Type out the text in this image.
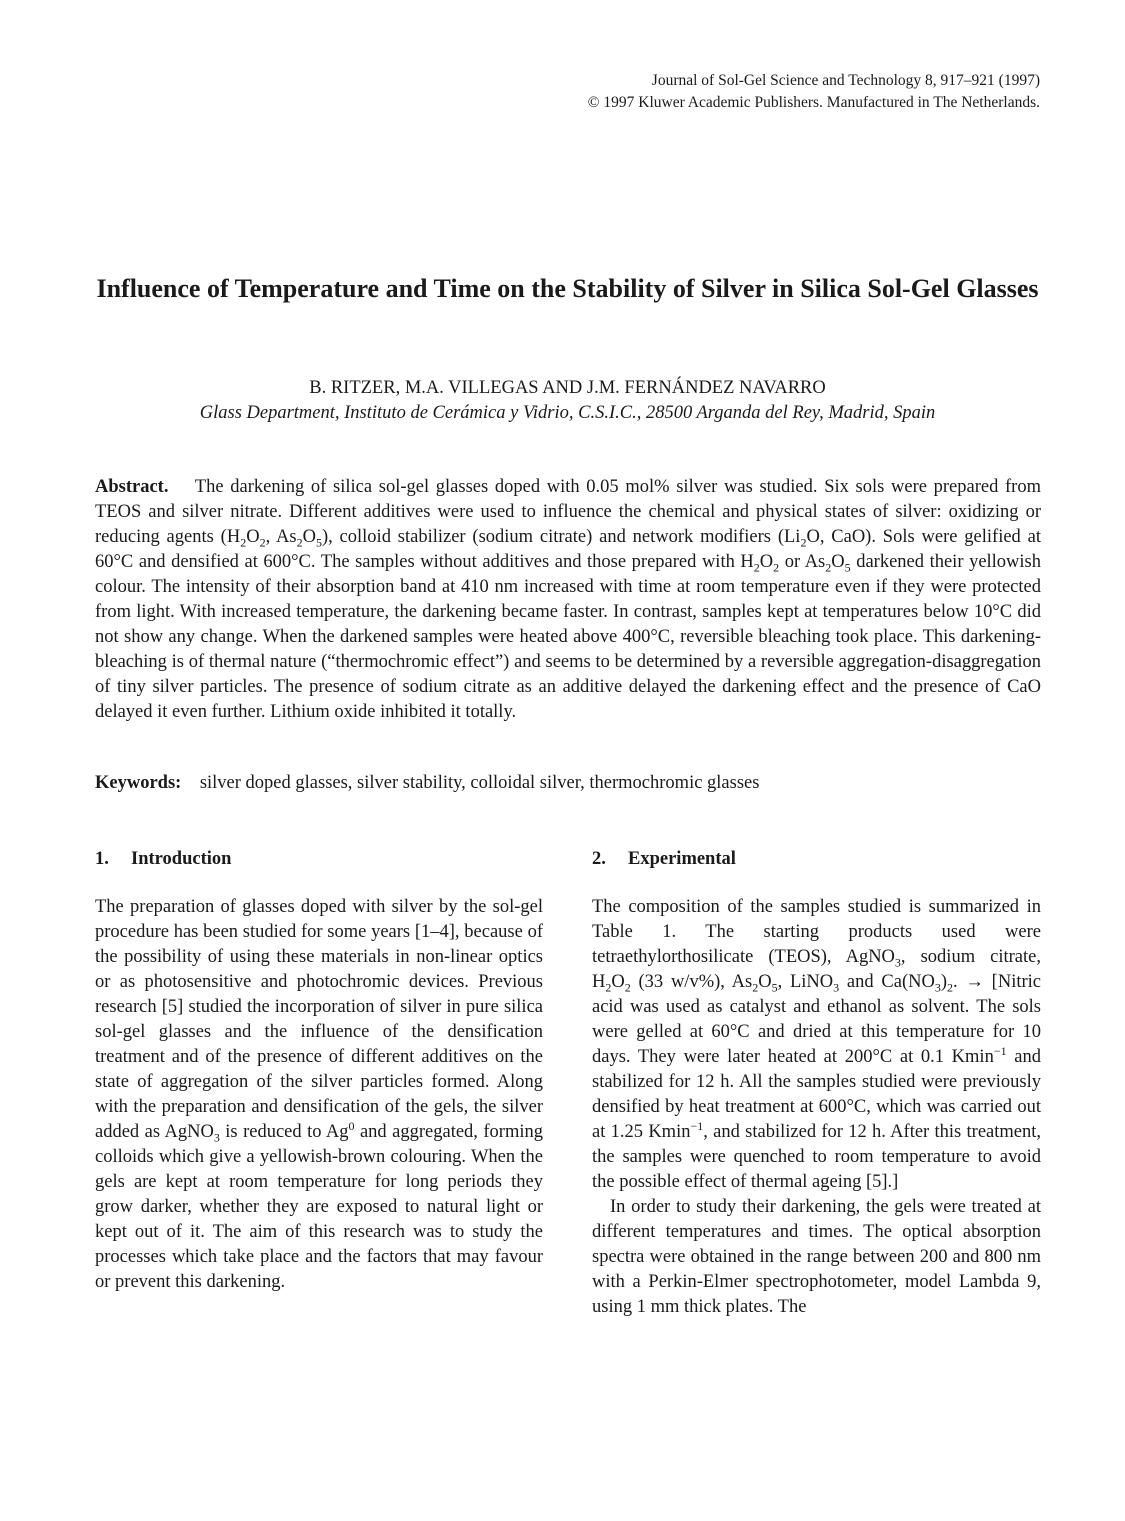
Journal of Sol-Gel Science and Technology 8, 917–921 (1997)
© 1997 Kluwer Academic Publishers. Manufactured in The Netherlands.
Influence of Temperature and Time on the Stability of Silver in Silica Sol-Gel Glasses
B. RITZER, M.A. VILLEGAS AND J.M. FERNÁNDEZ NAVARRO
Glass Department, Instituto de Cerámica y Vidrio, C.S.I.C., 28500 Arganda del Rey, Madrid, Spain

Abstract. The darkening of silica sol-gel glasses doped with 0.05 mol% silver was studied. Six sols were prepared from TEOS and silver nitrate. Different additives were used to influence the chemical and physical states of silver: oxidizing or reducing agents ($H_2O_2$, $As_2O_5$), colloid stabilizer (sodium citrate) and network modifiers ($Li_2O$, CaO). Sols were gelified at 60°C and densified at 600°C. The samples without additives and those prepared with $H_2O_2$ or $As_2O_5$ darkened their yellowish colour. The intensity of their absorption band at 410 nm increased with time at room temperature even if they were protected from light. With increased temperature, the darkening became faster. In contrast, samples kept at temperatures below 10°C did not show any change. When the darkened samples were heated above 400°C, reversible bleaching took place. This darkening-bleaching is of thermal nature (“thermochromic effect”) and seems to be determined by a reversible aggregation-disaggregation of tiny silver particles. The presence of sodium citrate as an additive delayed the darkening effect and the presence of CaO delayed it even further. Lithium oxide inhibited it totally.

Keywords: silver doped glasses, silver stability, colloidal silver, thermochromic glasses

1. Introduction

The preparation of glasses doped with silver by the sol-gel procedure has been studied for some years [1–4], because of the possibility of using these materials in non-linear optics or as photosensitive and photochromic devices. Previous research [5] studied the incorporation of silver in pure silica sol-gel glasses and the influence of the densification treatment and of the presence of different additives on the state of aggregation of the silver particles formed. Along with the preparation and densification of the gels, the silver added as AgNO$_3$ is reduced to Ag$^0$ and aggregated, forming colloids which give a yellowish-brown colouring. When the gels are kept at room temperature for long periods they grow darker, whether they are exposed to natural light or kept out of it. The aim of this research was to study the processes which take place and the factors that may favour or prevent this darkening.

2. Experimental

The composition of the samples studied is summarized in Table 1. The starting products used were tetraethylorthosilicate (TEOS), AgNO$_3$, sodium citrate, $H_2O_2$ (33 w/v%), $As_2O_5$, LiNO$_3$ and $Ca(NO_3)_2$. → [Nitric acid was used as catalyst and ethanol as solvent. The sols were gelled at 60°C and dried at this temperature for 10 days. They were later heated at 200°C at 0.1 Kmin$^{-1}$ and stabilized for 12 h. All the samples studied were previously densified by heat treatment at 600°C, which was carried out at 1.25 Kmin$^{-1}$, and stabilized for 12 h. After this treatment, the samples were quenched to room temperature to avoid the possible effect of thermal ageing [5].]

In order to study their darkening, the gels were treated at different temperatures and times. The optical absorption spectra were obtained in the range between 200 and 800 nm with a Perkin-Elmer spectrophotometer, model Lambda 9, using 1 mm thick plates. The
